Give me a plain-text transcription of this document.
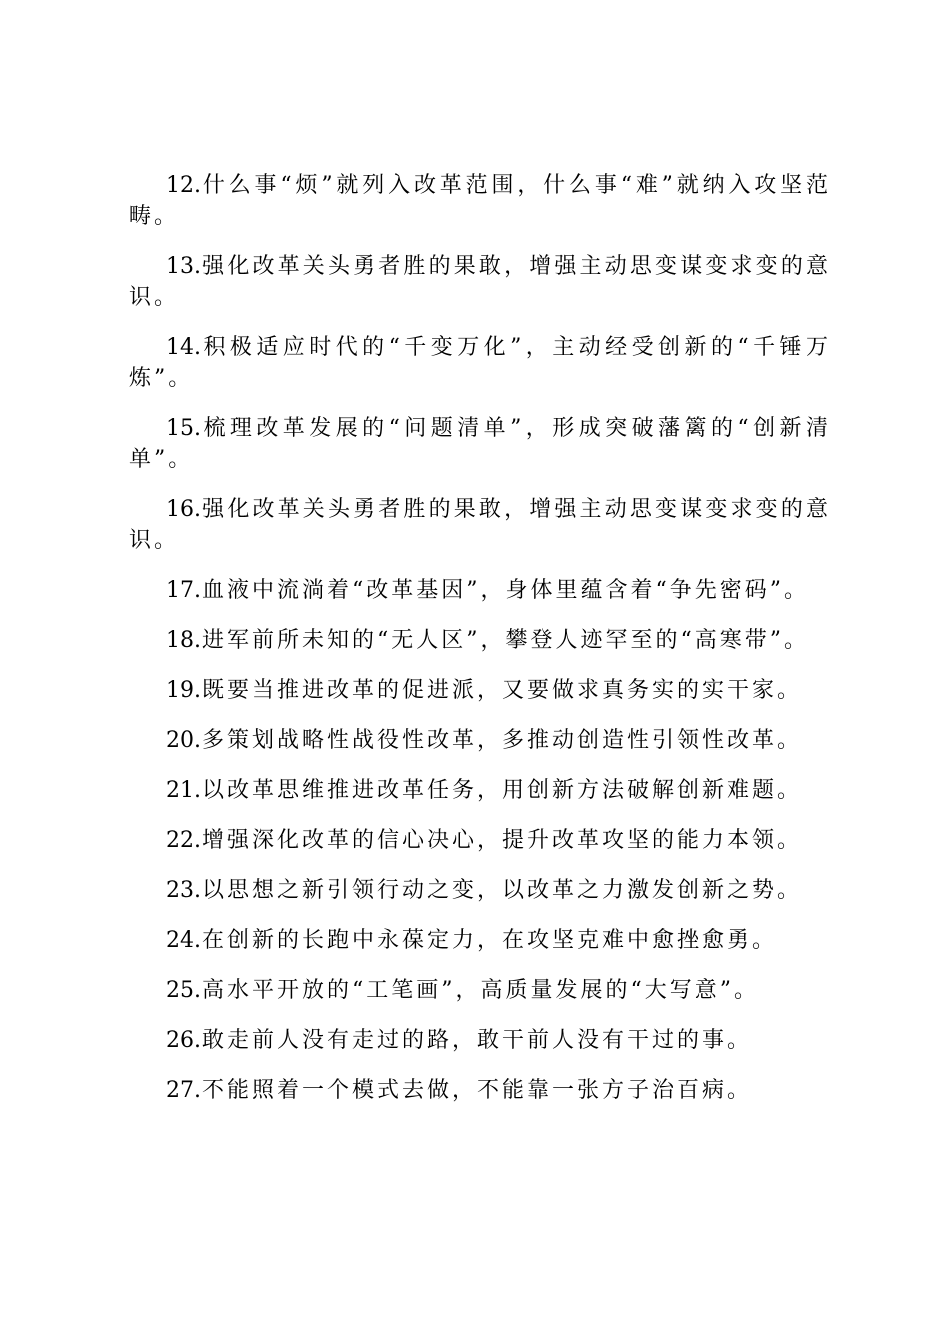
12.什么事“烦”就列入改革范围，什么事“难”就纳入攻坚范畴。

13.强化改革关头勇者胜的果敢，增强主动思变谋变求变的意识。

14.积极适应时代的“千变万化”，主动经受创新的“千锤万炼”。

15.梳理改革发展的“问题清单”，形成突破藩篱的“创新清单”。

16.强化改革关头勇者胜的果敢，增强主动思变谋变求变的意识。

17.血液中流淌着“改革基因”，身体里蕴含着“争先密码”。

18.进军前所未知的“无人区”，攀登人迹罕至的“高寒带”。

19.既要当推进改革的促进派，又要做求真务实的实干家。

20.多策划战略性战役性改革，多推动创造性引领性改革。

21.以改革思维推进改革任务，用创新方法破解创新难题。

22.增强深化改革的信心决心，提升改革攻坚的能力本领。

23.以思想之新引领行动之变，以改革之力激发创新之势。

24.在创新的长跑中永葆定力，在攻坚克难中愈挫愈勇。

25.高水平开放的“工笔画”，高质量发展的“大写意”。

26.敢走前人没有走过的路，敢干前人没有干过的事。

27.不能照着一个模式去做，不能靠一张方子治百病。
